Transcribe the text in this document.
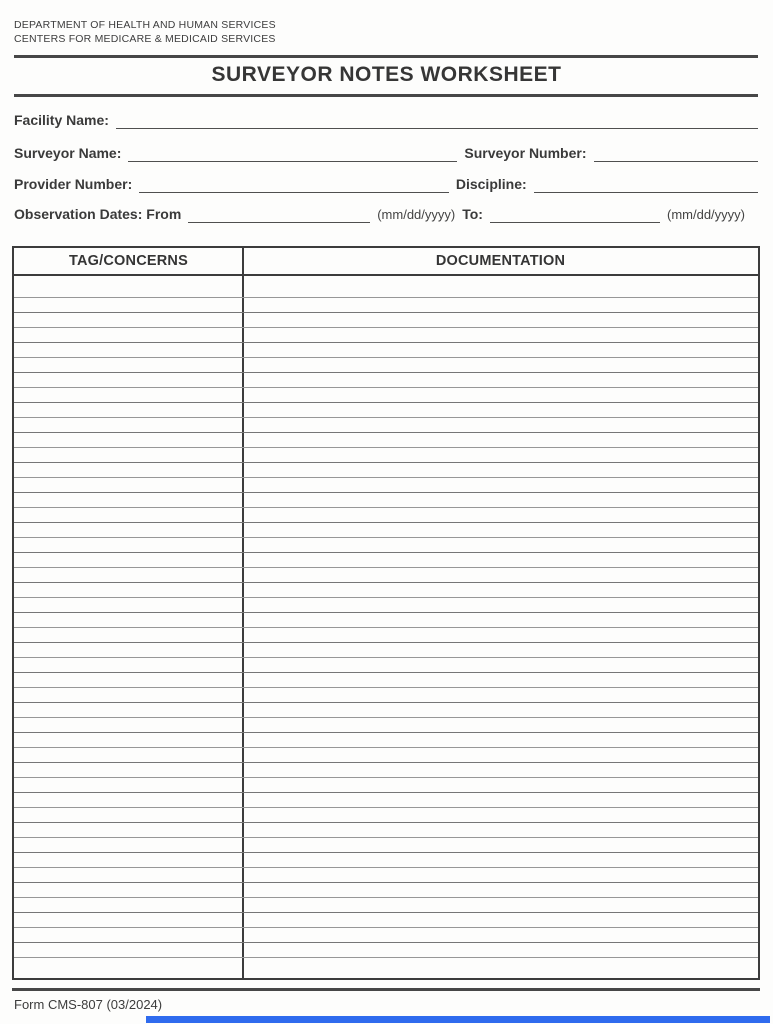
DEPARTMENT OF HEALTH AND HUMAN SERVICES
CENTERS FOR MEDICARE & MEDICAID SERVICES
SURVEYOR NOTES WORKSHEET
Facility Name:
Surveyor Name:	Surveyor Number:
Provider Number:	Discipline:
Observation Dates: From	(mm/dd/yyyy) To:	(mm/dd/yyyy)
TAG/CONCERNS	DOCUMENTATION
Form CMS-807 (03/2024)
